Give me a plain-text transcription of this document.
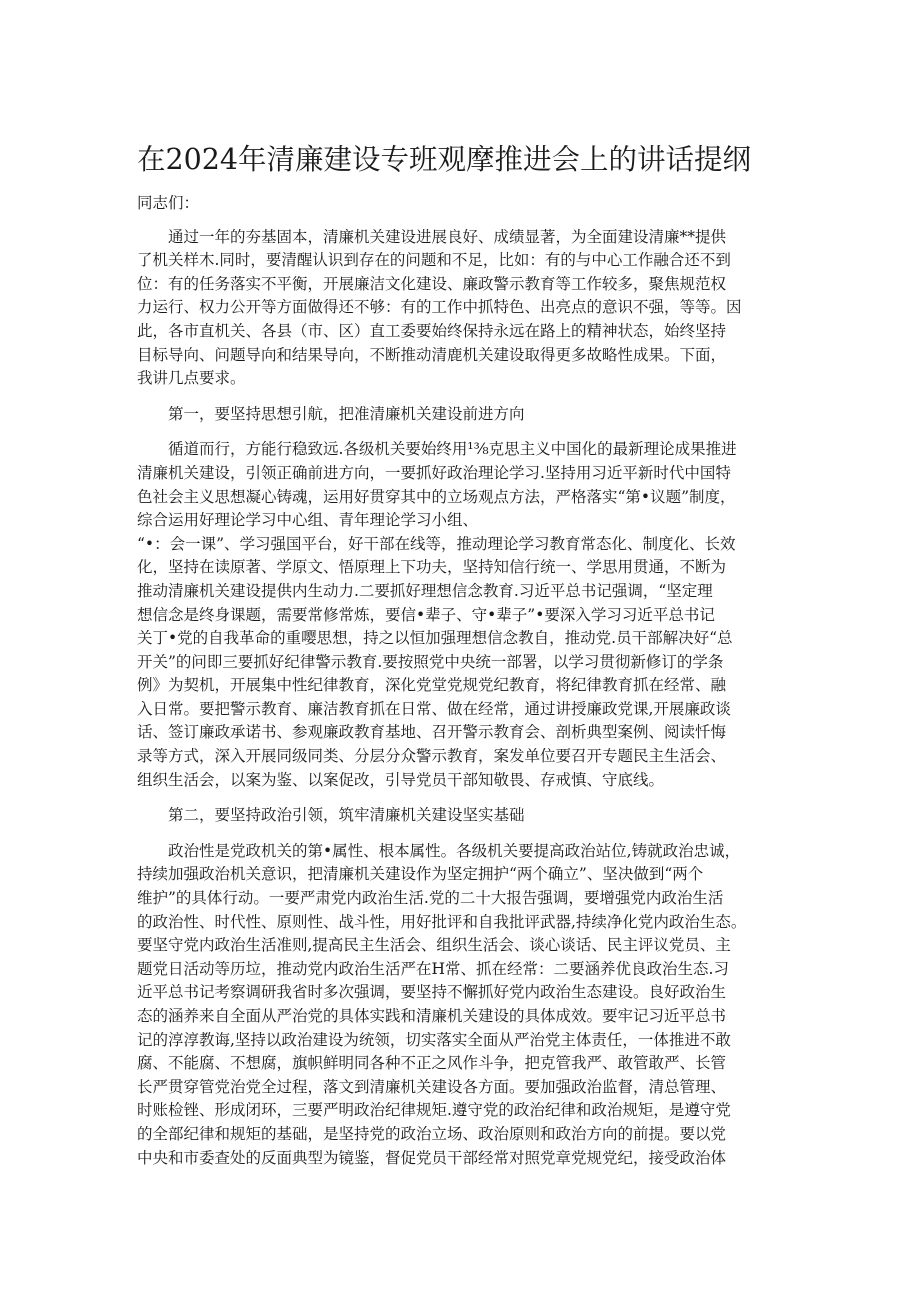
在2024年清廉建设专班观摩推进会上的讲话提纲
同志们：
　　通过一年的夯基固本，清廉机关建设进展良好、成绩显著，为全面建设清廉**提供
了机关样木.同时，要清醒认识到存在的问题和不足，比如：有的与中心工作融合还不到
位：有的任务落实不平衡，开展廉洁文化建设、廉政警示教育等工作较多，聚焦规范权
力运行、权力公开等方面做得还不够：有的工作中抓特色、出亮点的意识不强，等等。因
此，各市直机关、各县（市、区）直工委要始终保持永远在路上的精神状态，始终坚持
目标导向、问题导向和结果导向，不断推动清鹿机关建设取得更多故略性成果。下面，
我讲几点要求。
　　第一，要坚持思想引航，把准清廉机关建设前进方向
　　循道而行，方能行稳致远.各级机关要始终用¹⅜克思主义中国化的最新理论成果推进
清廉机关建设，引领正确前进方向，一要抓好政治理论学习.坚持用习近平新时代中国特
色社会主义思想凝心铸魂，运用好贯穿其中的立场观点方法，严格落实“第•议题”制度，
综合运用好理论学习中心组、青年理论学习小组、
“•：会一课”、学习强国平台，好干部在线等，推动理论学习教育常态化、制度化、长效
化，坚持在读原著、学原文、悟原理上下功夫，坚持知信行统一、学思用贯通，不断为
推动清廉机关建设提供内生动力.二要抓好理想信念教育.习近平总书记强调，“坚定理
想信念是终身课题，需要常修常炼，要信•辈子、守•辈子”•要深入学习习近平总书记
关丁•党的自我革命的重嘤思想，持之以恒加强理想信念教自，推动党.员干部解决好“总
开关”的问即三要抓好纪律警示教育.要按照党中央统一部署，以学习贯彻新修订的学条
例》为契机，开展集中性纪律教育，深化党堂党规党纪教育，将纪律教育抓在经常、融
入日常。要把警示教育、廉洁教育抓在日常、做在经常，通过讲授廉政党课,开展廉政谈
话、签订廉政承诺书、参观廉政教育基地、召开警示教育会、剖析典型案例、阅读忏悔
录等方式，深入开展同级同类、分层分众警示教育，案发单位要召开专题民主生活会、
组织生活会，以案为鉴、以案促改，引导党员干部知敬畏、存戒慎、守底线。
　　第二，要坚持政治引领，筑牢清廉机关建设坚实基础
　　政治性是党政机关的第•属性、根本属性。各级机关要提高政治站位,铸就政治忠诚，
持续加强政治机关意识，把清廉机关建设作为坚定拥护“两个确立”、坚决做到“两个
维护”的具体行动。一要严肃党内政治生活.党的二十大报告强调，要增强党内政治生活
的政治性、时代性、原则性、战斗性，用好批评和自我批评武器,持续净化党内政治生态。
要坚守党内政治生活准则,提高民主生活会、组织生活会、谈心谈话、民主评议党员、主
题党日活动等历垃，推动党内政治生活严在H常、抓在经常：二要涵养优良政治生态.习
近平总书记考察调研我省时多次强调，要坚持不懈抓好党内政治生态建设。良好政治生
态的涵养来自全面从严治党的具体实践和清廉机关建设的具体成效。要牢记习近平总书
记的淳淳教诲,坚持以政治建设为统领，切实落实全面从严治党主体责任，一体推进不敢
腐、不能腐、不想腐，旗帜鲜明同各种不正之风作斗争，把克管我严、敢管敢严、长管
长严贯穿管党治党全过程，落文到清廉机关建设各方面。要加强政治监督，清总管理、
时账检锉、形成闭环，三要严明政治纪律规矩.遵守党的政治纪律和政治规矩，是遵守党
的全部纪律和规矩的基础，是坚持党的政治立场、政治原则和政治方向的前提。要以党
中央和市委查处的反面典型为镜鉴，督促党员干部经常对照党章党规党纪，接受政治体
